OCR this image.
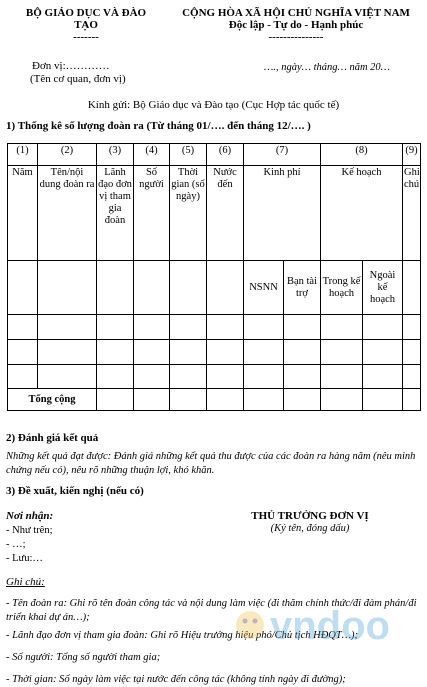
BỘ GIÁO DỤC VÀ ĐÀO
TẠO
-------
CỘNG HÒA XÃ HỘI CHỦ NGHĨA VIỆT NAM
Độc lập - Tự do - Hạnh phúc
---------------
Đơn vị:…………
(Tên cơ quan, đơn vị)
…., ngày… tháng… năm 20…
Kính gửi: Bộ Giáo dục và Đào tạo (Cục Hợp tác quốc tế)
1) Thống kê số lượng đoàn ra (Từ tháng 01/…. đến tháng 12/…. )
(1)	(2)	(3)	(4)	(5)	(6)	(7)		(8)		(9)
Năm	Tên/nội dung đoàn ra	Lãnh đạo đơn vị tham gia đoàn	Số người	Thời gian (số ngày)	Nước đến	Kinh phí		Kế hoạch		Ghi chú
						NSNN	Bạn tài trợ	Trong kế hoạch	Ngoài kế hoạch	

Tổng cộng										
2) Đánh giá kết quả
Những kết quả đạt được: Đánh giá những kết quả thu được của các đoàn ra hàng năm (nêu minh chứng nếu có), nêu rõ những thuận lợi, khó khăn.
3) Đề xuất, kiến nghị (nếu có)
Nơi nhận:
- Như trên;
- …;
- Lưu:…
THỦ TRƯỞNG ĐƠN VỊ
(Ký tên, đóng dấu)
Ghi chú:
- Tên đoàn ra: Ghi rõ tên đoàn công tác và nội dung làm việc (đi thăm chính thức/đi đàm phán/đi triển khai dự án…);
- Lãnh đạo đơn vị tham gia đoàn: Ghi rõ Hiệu trưởng hiệu phó/Chủ tịch HĐQT…);
- Số người: Tổng số người tham gia;
- Thời gian: Số ngày làm việc tại nước đến công tác (không tính ngày đi đường);
vndoo
